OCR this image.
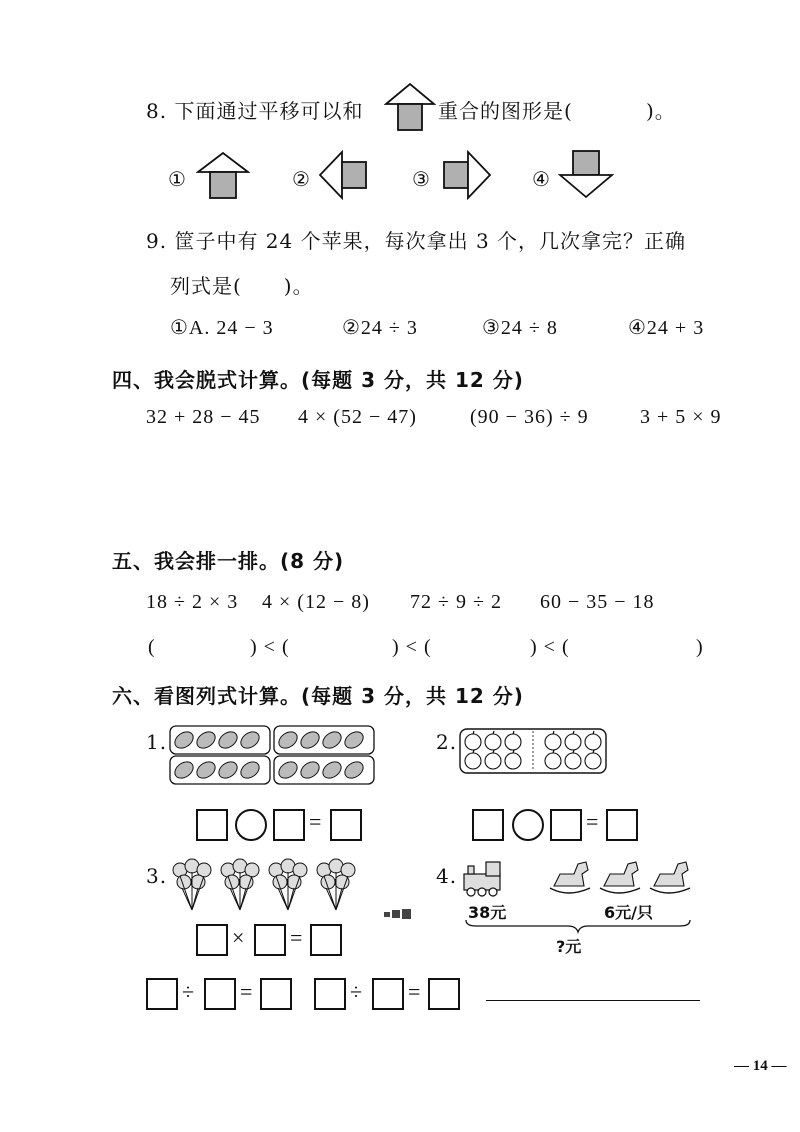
8. 下面通过平移可以和	重合的图形是(	)。
①	②	③	④
9. 筐子中有 24 个苹果，每次拿出 3 个，几次拿完？正确
列式是(　　)。
①A. 24 − 3	②24 ÷ 3	③24 ÷ 8	④24 + 3
四、我会脱式计算。(每题 3 分，共 12 分)
32 + 28 − 45 4 × (52 − 47)	(90 − 36) ÷ 9	3 + 5 × 9
五、我会排一排。(8 分)
18 ÷ 2 × 3 4 × (12 − 8) 72 ÷ 9 ÷ 2 60 − 35 − 18
(	) < (	) < (	) < (	)
六、看图列式计算。(每题 3 分，共 12 分)
1.
=
2.
=
3.
× =
4.
38元	6元/只
?元
÷ =	÷ =
— 14 —
